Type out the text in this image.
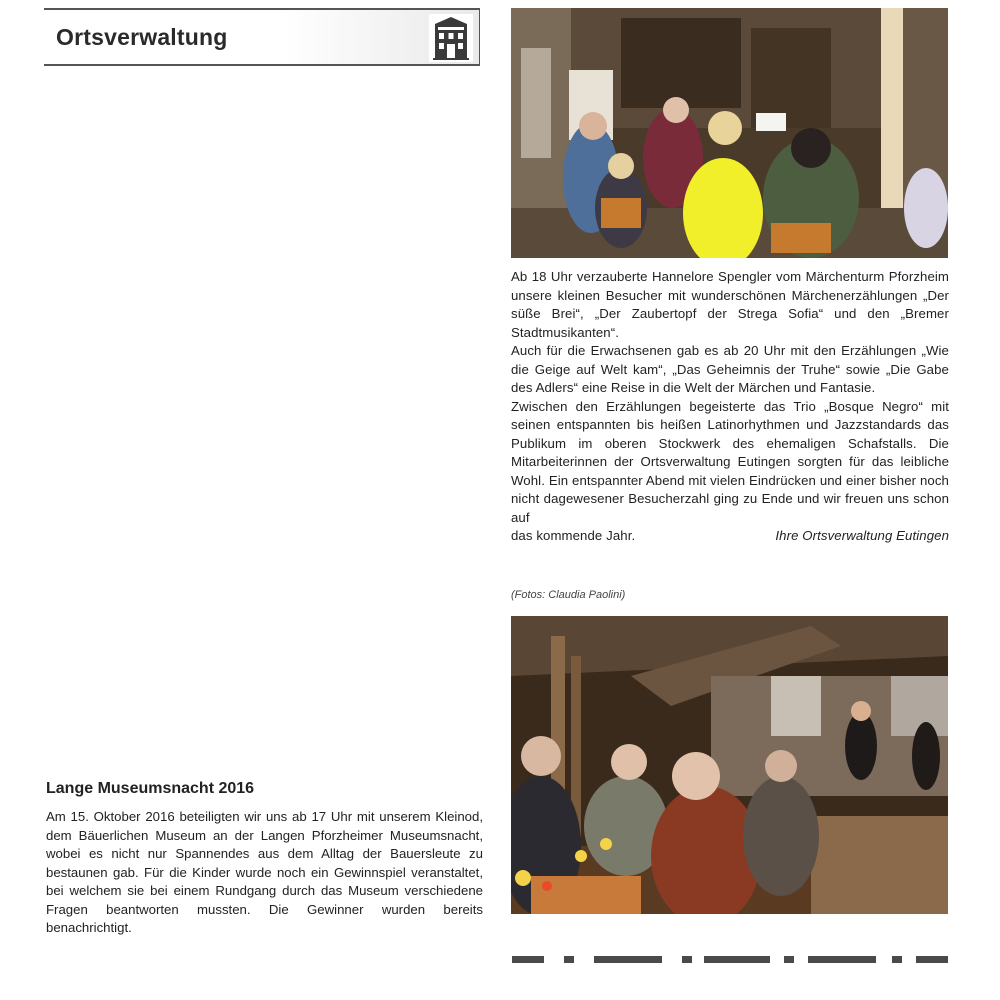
Ortsverwaltung

Ab 18 Uhr verzauberte Hannelore Spengler vom Märchenturm Pforzheim unsere kleinen Besucher mit wunderschönen Märchenerzählungen „Der süße Brei“, „Der Zaubertopf der Strega Sofia“ und den „Bremer Stadtmusikanten“.

Auch für die Erwachsenen gab es ab 20 Uhr mit den Erzählungen „Wie die Geige auf Welt kam“, „Das Geheimnis der Truhe“ sowie „Die Gabe des Adlers“ eine Reise in die Welt der Märchen und Fantasie.

Zwischen den Erzählungen begeisterte das Trio „Bosque Negro“ mit seinen entspannten bis heißen Latinorhythmen und Jazzstandards das Publikum im oberen Stockwerk des ehemaligen Schafstalls. Die Mitarbeiterinnen der Ortsverwaltung Eutingen sorgten für das leibliche Wohl. Ein entspannter Abend mit vielen Eindrücken und einer bisher noch nicht dagewesener Besucherzahl ging zu Ende und wir freuen uns schon auf

das kommende Jahr.	Ihre Ortsverwaltung Eutingen
(Fotos: Claudia Paolini)
Lange Museumsnacht 2016
Am 15. Oktober 2016 beteiligten wir uns ab 17 Uhr mit unserem Kleinod, dem Bäuerlichen Museum an der Langen Pforzheimer Museumsnacht, wobei es nicht nur Spannendes aus dem Alltag der Bauersleute zu bestaunen gab. Für die Kinder wurde noch ein Gewinnspiel veranstaltet, bei welchem sie bei einem Rundgang durch das Museum verschiedene Fragen beantworten mussten. Die Gewinner wurden bereits benachrichtigt.
